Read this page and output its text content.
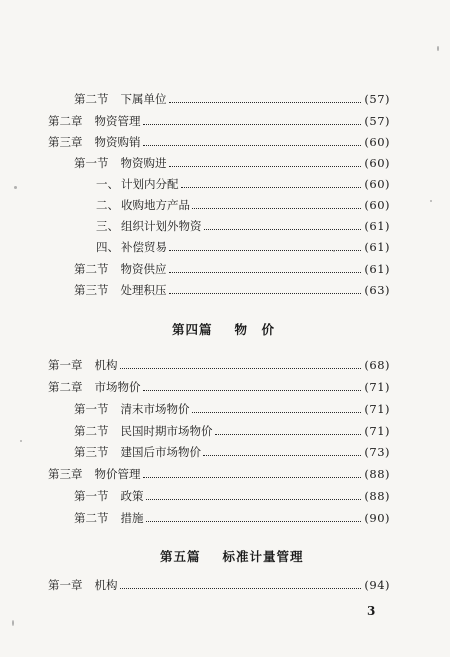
第二节 下属单位	(57)
第二章 物资管理	(57)
第三章 物资购销	(60)
第一节 物资购进	(60)
一、 计划内分配	(60)
二、 收购地方产品	(60)
三、 组织计划外物资	(61)
四、 补偿贸易	(61)
第二节 物资供应	(61)
第三节 处理积压	(63)
第四篇 物　价
第一章 机构	(68)
第二章 市场物价	(71)
第一节 清末市场物价	(71)
第二节 民国时期市场物价	(71)
第三节 建国后市场物价	(73)
第三章 物价管理	(88)
第一节 政策	(88)
第二节 措施	(90)
第五篇 标准计量管理
第一章 机构	(94)
3
